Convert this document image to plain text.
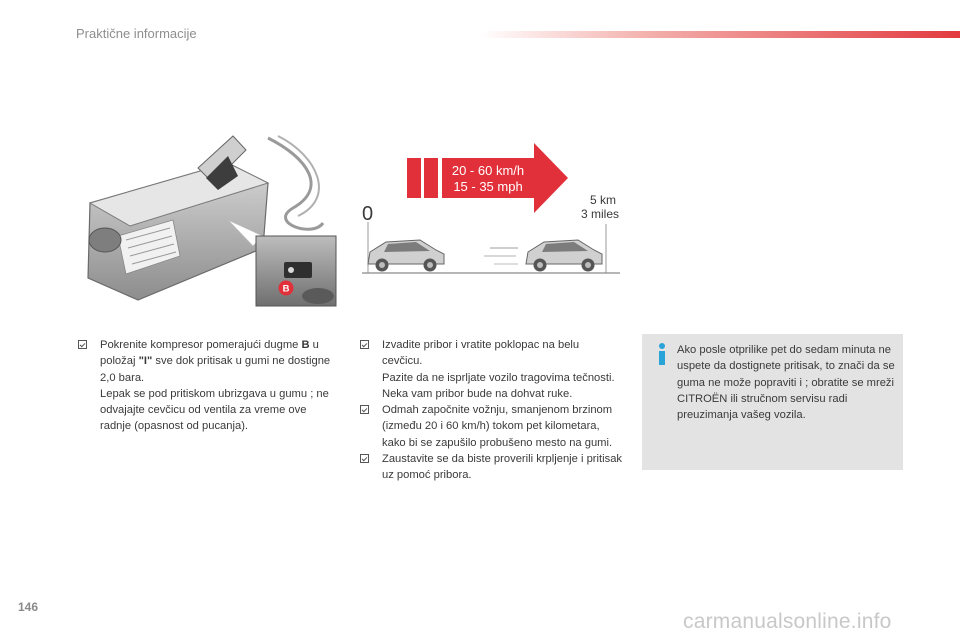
Praktične informacije
B
20 - 60 km/h
15 - 35 mph
0
5 km
3 miles
Pokrenite kompresor pomerajući dugme B u položaj "I" sve dok pritisak u gumi ne dostigne 2,0 bara.
Lepak se pod pritiskom ubrizgava u gumu ; ne odvajajte cevčicu od ventila za vreme ove radnje (opasnost od pucanja).
Izvadite pribor i vratite poklopac na belu cevčicu.
Pazite da ne isprljate vozilo tragovima tečnosti. Neka vam pribor bude na dohvat ruke.
Odmah započnite vožnju, smanjenom brzinom (između 20 i 60 km/h) tokom pet kilometara, kako bi se zapušilo probušeno mesto na gumi.
Zaustavite se da biste proverili krpljenje i pritisak uz pomoć pribora.
Ako posle otprilike pet do sedam minuta ne uspete da dostignete pritisak, to znači da se guma ne može popraviti i ; obratite se mreži CITROËN ili stručnom servisu radi preuzimanja vašeg vozila.
146
carmanualsonline.info
